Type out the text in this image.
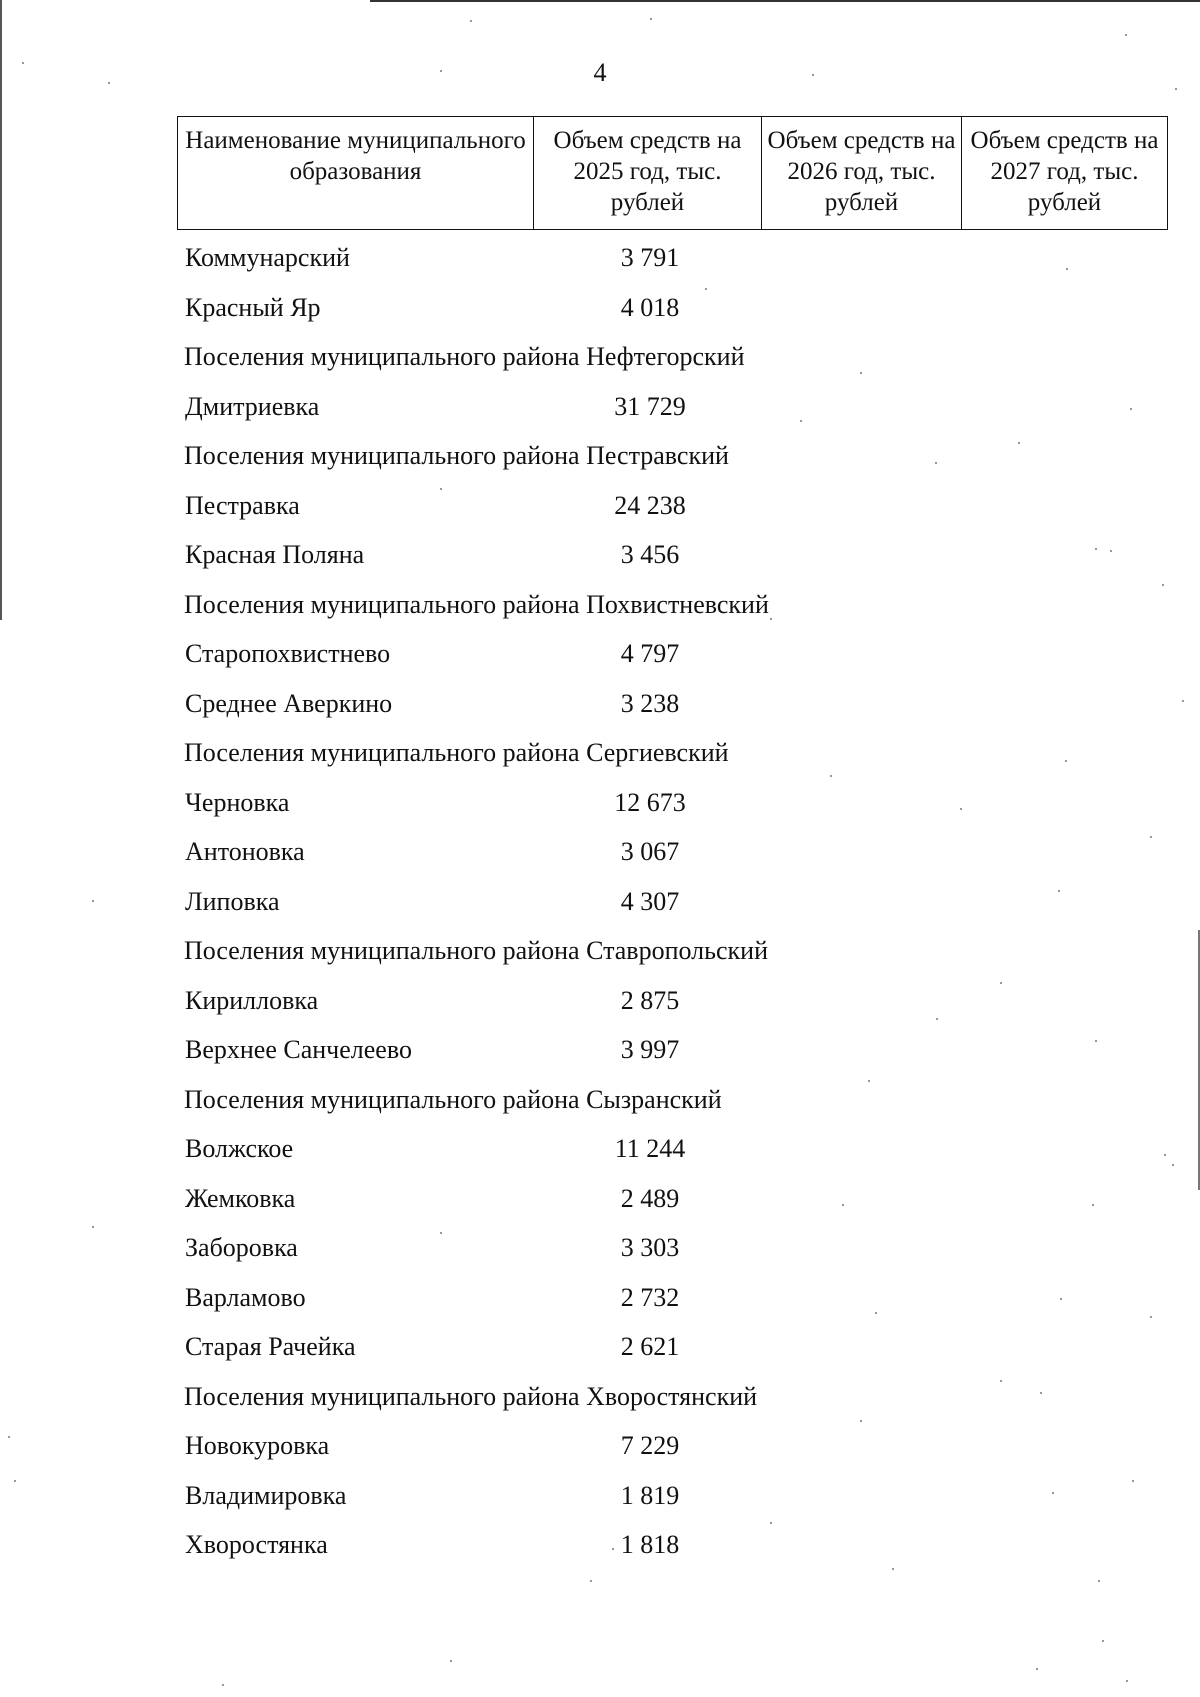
4
Наименование муниципального образования	Объем средств на 2025 год, тыс. рублей	Объем средств на 2026 год, тыс. рублей	Объем средств на 2027 год, тыс. рублей
Коммунарский	3 791
Красный Яр	4 018
Поселения муниципального района Нефтегорский
Дмитриевка	31 729
Поселения муниципального района Пестравский
Пестравка	24 238
Красная Поляна	3 456
Поселения муниципального района Похвистневский
Старопохвистнево	4 797
Среднее Аверкино	3 238
Поселения муниципального района Сергиевский
Черновка	12 673
Антоновка	3 067
Липовка	4 307
Поселения муниципального района Ставропольский
Кирилловка	2 875
Верхнее Санчелеево	3 997
Поселения муниципального района Сызранский
Волжское	11 244
Жемковка	2 489
Заборовка	3 303
Варламово	2 732
Старая Рачейка	2 621
Поселения муниципального района Хворостянский
Новокуровка	7 229
Владимировка	1 819
Хворостянка	1 818
